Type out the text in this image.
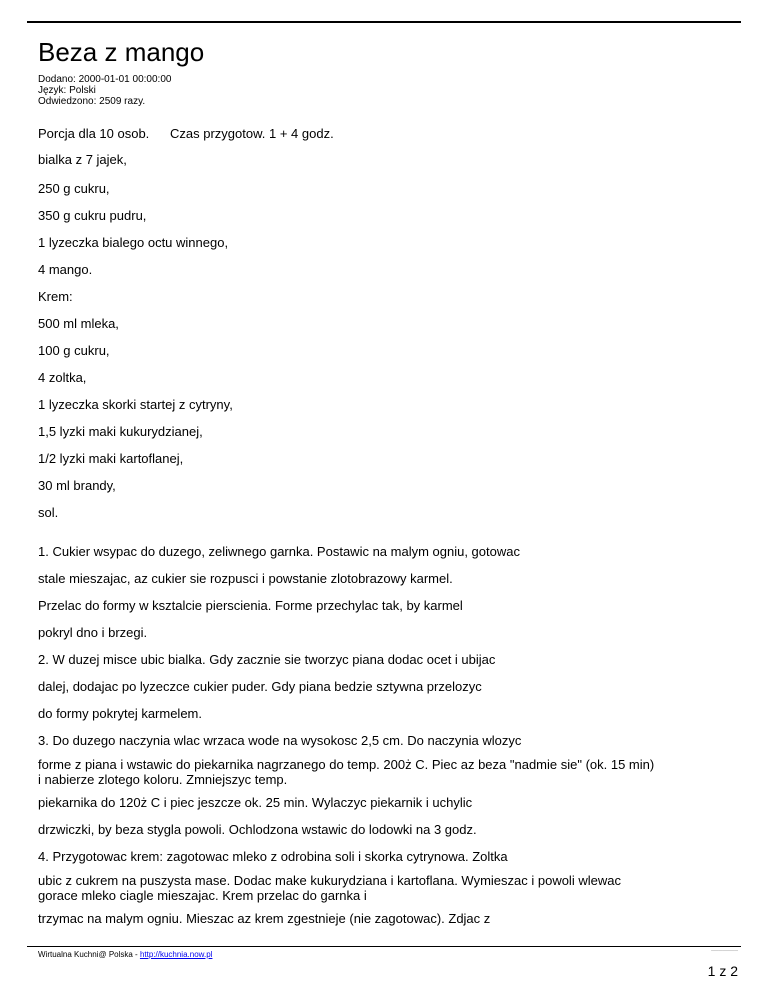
Beza z mango
Dodano: 2000-01-01 00:00:00
Język: Polski
Odwiedzono: 2509 razy.
Porcja dla 10 osob. Czas przygotow. 1 + 4 godz.
bialka z 7 jajek,
250 g cukru,
350 g cukru pudru,
1 lyzeczka bialego octu winnego,
4 mango.
Krem:
500 ml mleka,
100 g cukru,
4 zoltka,
1 lyzeczka skorki startej z cytryny,
1,5 lyzki maki kukurydzianej,
1/2 lyzki maki kartoflanej,
30 ml brandy,
sol.
1. Cukier wsypac do duzego, zeliwnego garnka. Postawic na malym ogniu, gotowac
stale mieszajac, az cukier sie rozpusci i powstanie zlotobrazowy karmel.
Przelac do formy w ksztalcie pierscienia. Forme przechylac tak, by karmel
pokryl dno i brzegi.
2. W duzej misce ubic bialka. Gdy zacznie sie tworzyc piana dodac ocet i ubijac
dalej, dodajac po lyzeczce cukier puder. Gdy piana bedzie sztywna przelozyc
do formy pokrytej karmelem.
3. Do duzego naczynia wlac wrzaca wode na wysokosc 2,5 cm. Do naczynia wlozyc
forme z piana i wstawic do piekarnika nagrzanego do temp. 200ż C. Piec az beza "nadmie sie" (ok. 15 min) i nabierze zlotego koloru. Zmniejszyc temp.
piekarnika do 120ż C i piec jeszcze ok. 25 min. Wylaczyc piekarnik i uchylic
drzwiczki, by beza stygla powoli. Ochlodzona wstawic do lodowki na 3 godz.
4. Przygotowac krem: zagotowac mleko z odrobina soli i skorka cytrynowa. Zoltka
ubic z cukrem na puszysta mase. Dodac make kukurydziana i kartoflana. Wymieszac i powoli wlewac gorace mleko ciagle mieszajac. Krem przelac do garnka i
trzymac na malym ogniu. Mieszac az krem zgestnieje (nie zagotowac). Zdjac z
Wirtualna Kuchni@ Polska - http://kuchnia.now.pl	▔▔▔▔▔▔▔
1 z 2
